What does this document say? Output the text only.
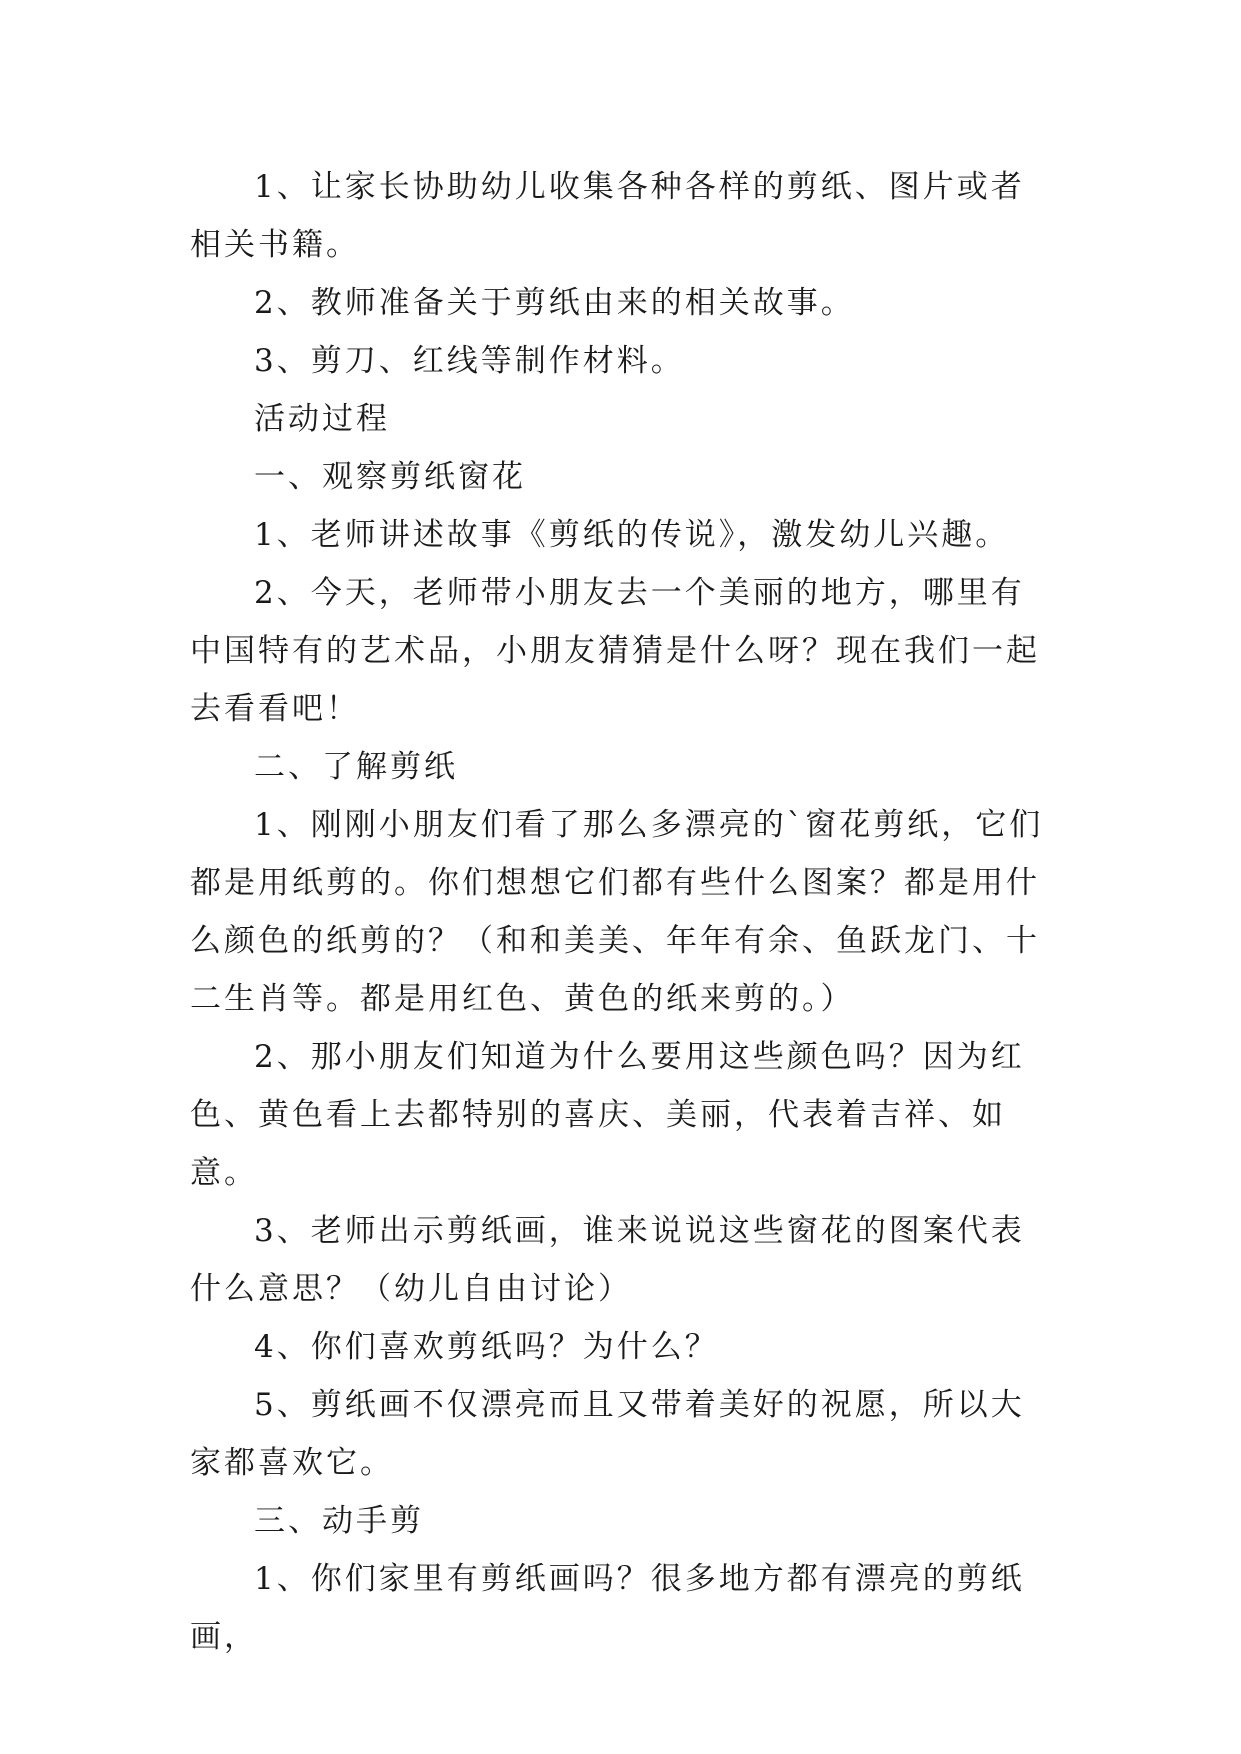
1、让家长协助幼儿收集各种各样的剪纸、图片或者相关书籍。

2、教师准备关于剪纸由来的相关故事。

3、剪刀、红线等制作材料。

活动过程

一、观察剪纸窗花

1、老师讲述故事《剪纸的传说》，激发幼儿兴趣。

2、今天，老师带小朋友去一个美丽的地方，哪里有中国特有的艺术品，小朋友猜猜是什么呀？现在我们一起去看看吧！

二、了解剪纸

1、刚刚小朋友们看了那么多漂亮的`窗花剪纸，它们都是用纸剪的。你们想想它们都有些什么图案？都是用什么颜色的纸剪的？（和和美美、年年有余、鱼跃龙门、十二生肖等。都是用红色、黄色的纸来剪的。）

2、那小朋友们知道为什么要用这些颜色吗？因为红色、黄色看上去都特别的喜庆、美丽，代表着吉祥、如意。

3、老师出示剪纸画，谁来说说这些窗花的图案代表什么意思？（幼儿自由讨论）

4、你们喜欢剪纸吗？为什么？

5、剪纸画不仅漂亮而且又带着美好的祝愿，所以大家都喜欢它。

三、动手剪

1、你们家里有剪纸画吗？很多地方都有漂亮的剪纸画，
